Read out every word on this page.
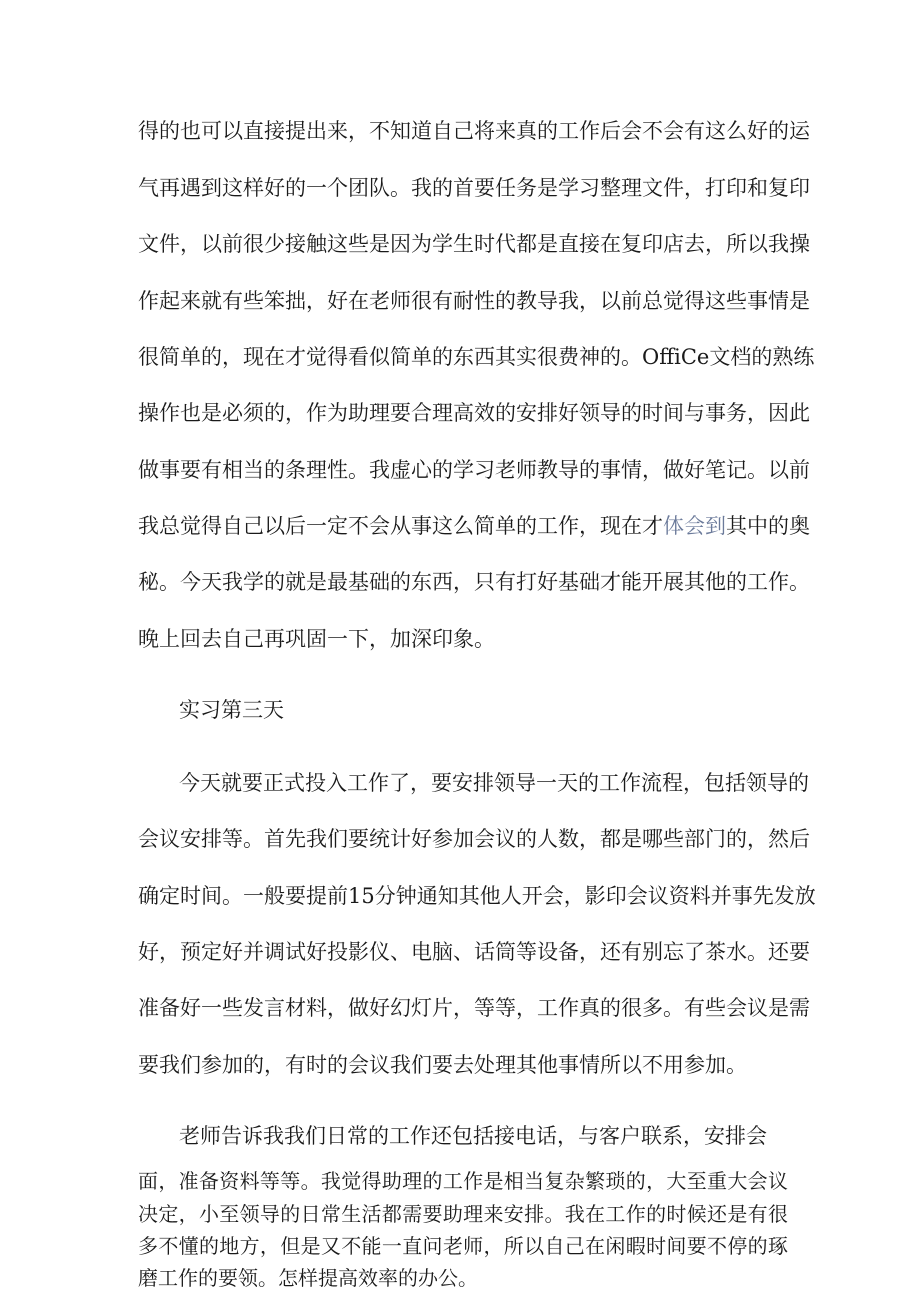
得的也可以直接提出来，不知道自己将来真的工作后会不会有这么好的运
气再遇到这样好的一个团队。我的首要任务是学习整理文件，打印和复印
文件，以前很少接触这些是因为学生时代都是直接在复印店去，所以我操
作起来就有些笨拙，好在老师很有耐性的教导我，以前总觉得这些事情是
很简单的，现在才觉得看似简单的东西其实很费神的。OffiCe文档的熟练
操作也是必须的，作为助理要合理高效的安排好领导的时间与事务，因此
做事要有相当的条理性。我虚心的学习老师教导的事情，做好笔记。以前
我总觉得自己以后一定不会从事这么简单的工作，现在才体会到其中的奥
秘。今天我学的就是最基础的东西，只有打好基础才能开展其他的工作。
晚上回去自己再巩固一下，加深印象。
实习第三天
今天就要正式投入工作了，要安排领导一天的工作流程，包括领导的
会议安排等。首先我们要统计好参加会议的人数，都是哪些部门的，然后
确定时间。一般要提前15分钟通知其他人开会，影印会议资料并事先发放
好，预定好并调试好投影仪、电脑、话筒等设备，还有别忘了茶水。还要
准备好一些发言材料，做好幻灯片，等等，工作真的很多。有些会议是需
要我们参加的，有时的会议我们要去处理其他事情所以不用参加。
老师告诉我我们日常的工作还包括接电话，与客户联系，安排会
面，准备资料等等。我觉得助理的工作是相当复杂繁琐的，大至重大会议
决定，小至领导的日常生活都需要助理来安排。我在工作的时候还是有很
多不懂的地方，但是又不能一直问老师，所以自己在闲暇时间要不停的琢
磨工作的要领。怎样提高效率的办公。
